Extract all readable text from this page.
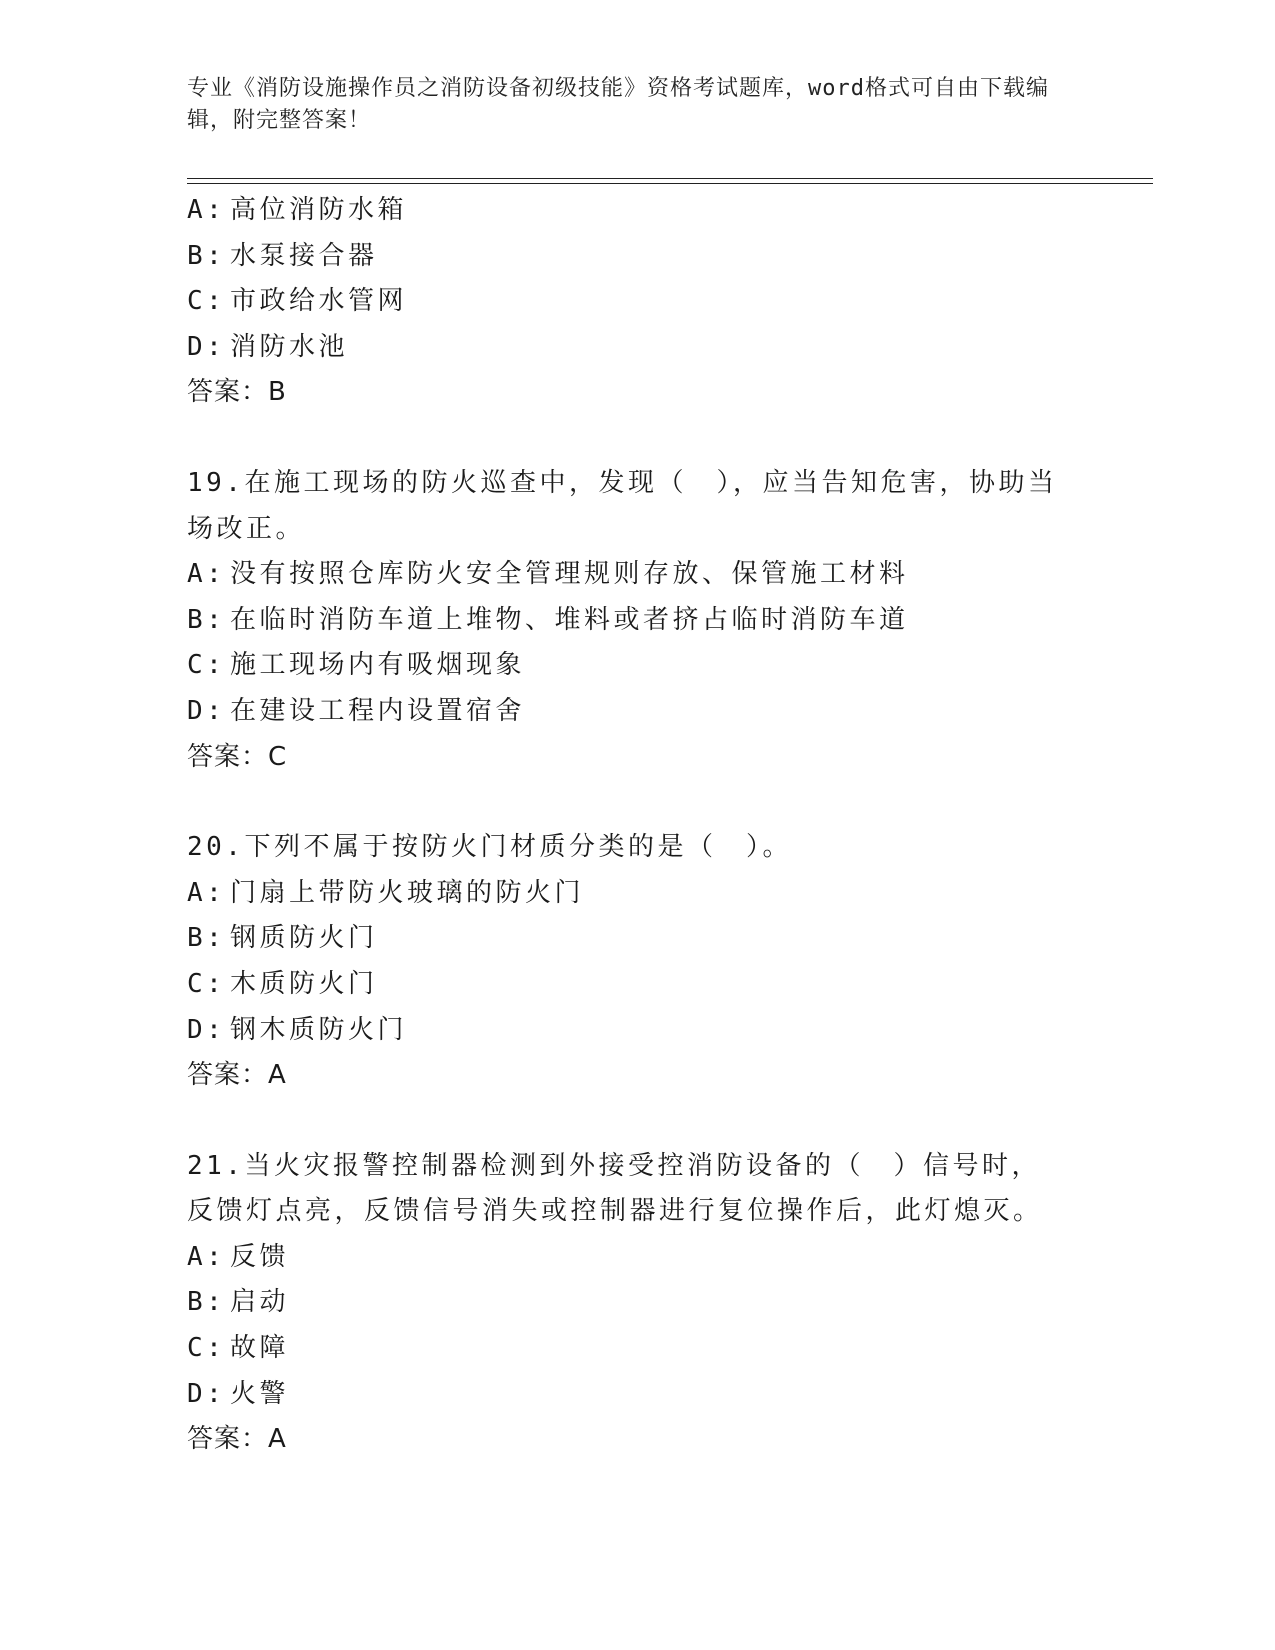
专业《消防设施操作员之消防设备初级技能》资格考试题库，word格式可自由下载编辑，附完整答案！
A: 高位消防水箱
B: 水泵接合器
C: 市政给水管网
D: 消防水池
答案：B
19.在施工现场的防火巡查中，发现（　），应当告知危害，协助当场改正。
A: 没有按照仓库防火安全管理规则存放、保管施工材料
B: 在临时消防车道上堆物、堆料或者挤占临时消防车道
C: 施工现场内有吸烟现象
D: 在建设工程内设置宿舍
答案：C
20.下列不属于按防火门材质分类的是（　）。
A: 门扇上带防火玻璃的防火门
B: 钢质防火门
C: 木质防火门
D: 钢木质防火门
答案：A
21.当火灾报警控制器检测到外接受控消防设备的（　）信号时，反馈灯点亮，反馈信号消失或控制器进行复位操作后，此灯熄灭。
A: 反馈
B: 启动
C: 故障
D: 火警
答案：A
